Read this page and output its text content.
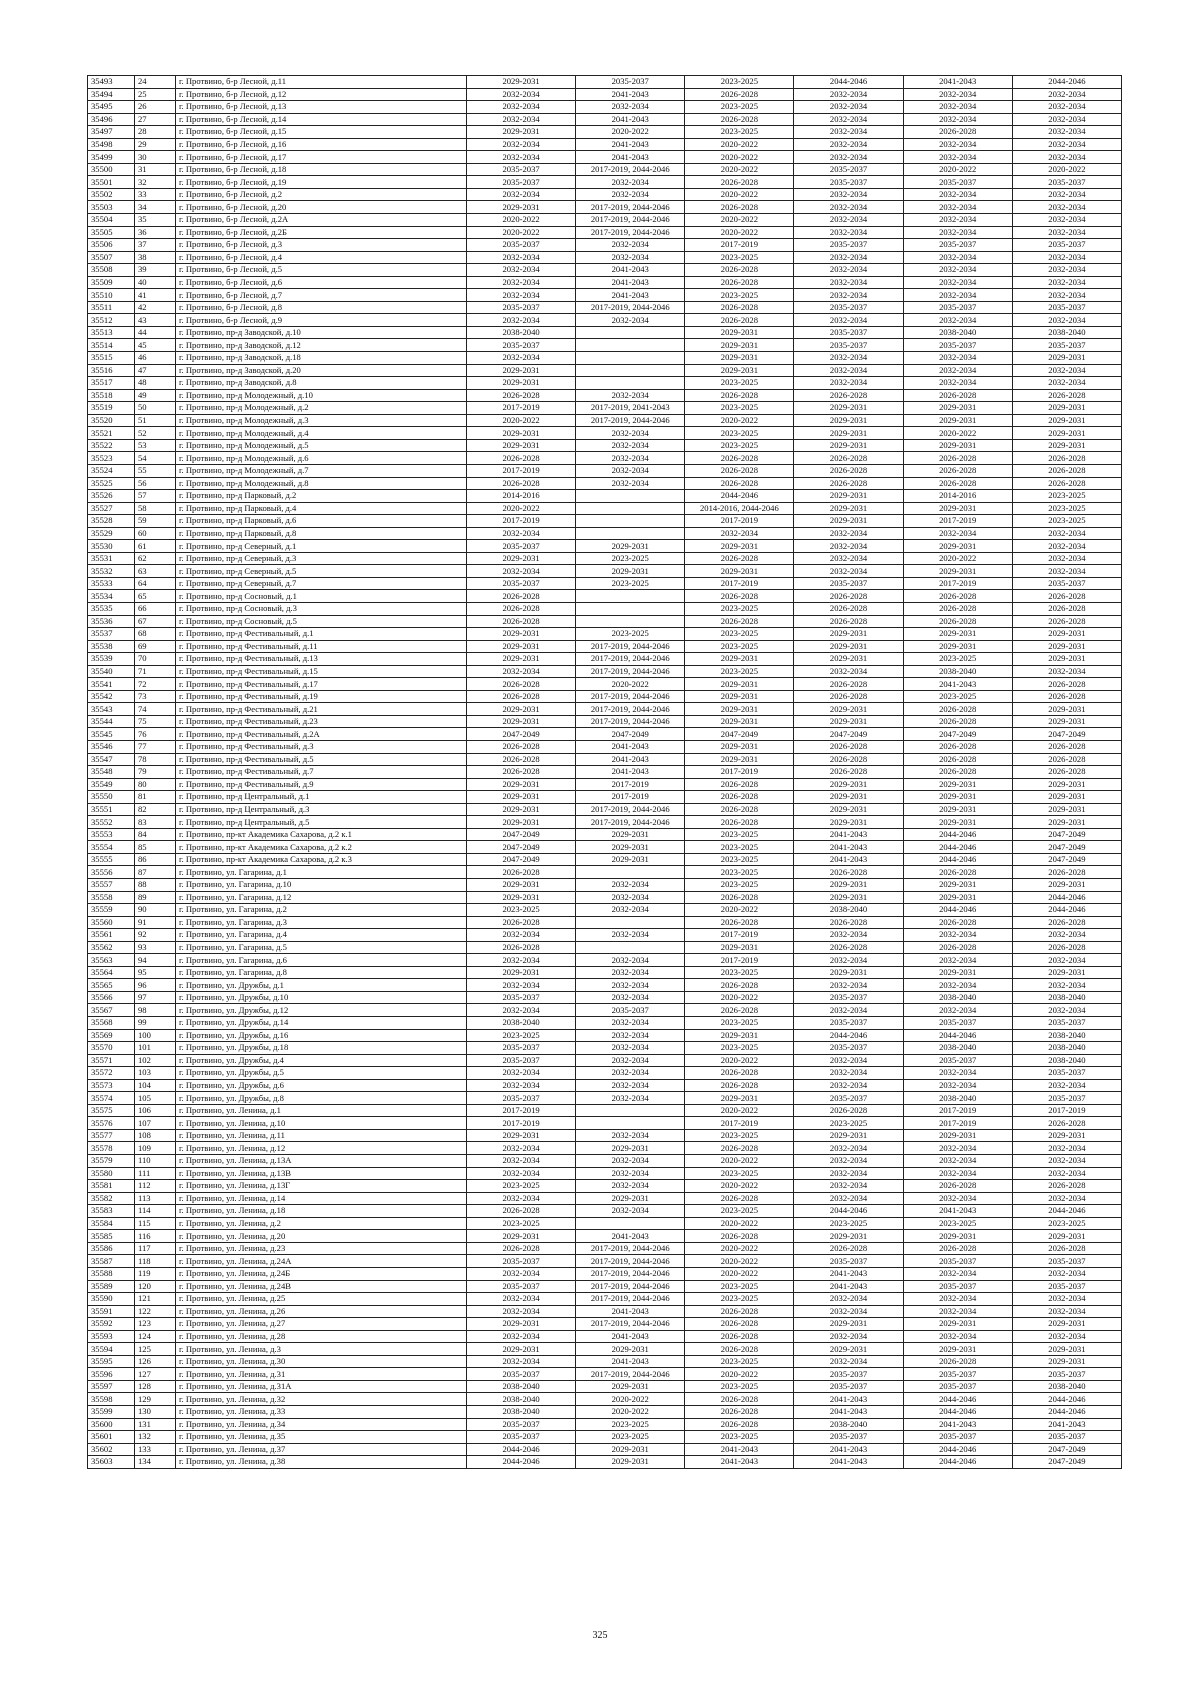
35493	24	г. Протвино, б-р Лесной, д.11	2029-2031	2035-2037	2023-2025	2044-2046	2041-2043	2044-2046
35494	25	г. Протвино, б-р Лесной, д.12	2032-2034	2041-2043	2026-2028	2032-2034	2032-2034	2032-2034
35495	26	г. Протвино, б-р Лесной, д.13	2032-2034	2032-2034	2023-2025	2032-2034	2032-2034	2032-2034
35496	27	г. Протвино, б-р Лесной, д.14	2032-2034	2041-2043	2026-2028	2032-2034	2032-2034	2032-2034
35497	28	г. Протвино, б-р Лесной, д.15	2029-2031	2020-2022	2023-2025	2032-2034	2026-2028	2032-2034
35498	29	г. Протвино, б-р Лесной, д.16	2032-2034	2041-2043	2020-2022	2032-2034	2032-2034	2032-2034
35499	30	г. Протвино, б-р Лесной, д.17	2032-2034	2041-2043	2020-2022	2032-2034	2032-2034	2032-2034
35500	31	г. Протвино, б-р Лесной, д.18	2035-2037	2017-2019, 2044-2046	2020-2022	2035-2037	2020-2022	2020-2022
35501	32	г. Протвино, б-р Лесной, д.19	2035-2037	2032-2034	2026-2028	2035-2037	2035-2037	2035-2037
35502	33	г. Протвино, б-р Лесной, д.2	2032-2034	2032-2034	2020-2022	2032-2034	2032-2034	2032-2034
35503	34	г. Протвино, б-р Лесной, д.20	2029-2031	2017-2019, 2044-2046	2026-2028	2032-2034	2032-2034	2032-2034
35504	35	г. Протвино, б-р Лесной, д.2А	2020-2022	2017-2019, 2044-2046	2020-2022	2032-2034	2032-2034	2032-2034
35505	36	г. Протвино, б-р Лесной, д.2Б	2020-2022	2017-2019, 2044-2046	2020-2022	2032-2034	2032-2034	2032-2034
35506	37	г. Протвино, б-р Лесной, д.3	2035-2037	2032-2034	2017-2019	2035-2037	2035-2037	2035-2037
35507	38	г. Протвино, б-р Лесной, д.4	2032-2034	2032-2034	2023-2025	2032-2034	2032-2034	2032-2034
35508	39	г. Протвино, б-р Лесной, д.5	2032-2034	2041-2043	2026-2028	2032-2034	2032-2034	2032-2034
35509	40	г. Протвино, б-р Лесной, д.6	2032-2034	2041-2043	2026-2028	2032-2034	2032-2034	2032-2034
35510	41	г. Протвино, б-р Лесной, д.7	2032-2034	2041-2043	2023-2025	2032-2034	2032-2034	2032-2034
35511	42	г. Протвино, б-р Лесной, д.8	2035-2037	2017-2019, 2044-2046	2026-2028	2035-2037	2035-2037	2035-2037
35512	43	г. Протвино, б-р Лесной, д.9	2032-2034	2032-2034	2026-2028	2032-2034	2032-2034	2032-2034
35513	44	г. Протвино, пр-д Заводской, д.10	2038-2040		2029-2031	2035-2037	2038-2040	2038-2040
35514	45	г. Протвино, пр-д Заводской, д.12	2035-2037		2029-2031	2035-2037	2035-2037	2035-2037
35515	46	г. Протвино, пр-д Заводской, д.18	2032-2034		2029-2031	2032-2034	2032-2034	2029-2031
35516	47	г. Протвино, пр-д Заводской, д.20	2029-2031		2029-2031	2032-2034	2032-2034	2032-2034
35517	48	г. Протвино, пр-д Заводской, д.8	2029-2031		2023-2025	2032-2034	2032-2034	2032-2034
35518	49	г. Протвино, пр-д Молодежный, д.10	2026-2028	2032-2034	2026-2028	2026-2028	2026-2028	2026-2028
35519	50	г. Протвино, пр-д Молодежный, д.2	2017-2019	2017-2019, 2041-2043	2023-2025	2029-2031	2029-2031	2029-2031
35520	51	г. Протвино, пр-д Молодежный, д.3	2020-2022	2017-2019, 2044-2046	2020-2022	2029-2031	2029-2031	2029-2031
35521	52	г. Протвино, пр-д Молодежный, д.4	2029-2031	2032-2034	2023-2025	2029-2031	2020-2022	2029-2031
35522	53	г. Протвино, пр-д Молодежный, д.5	2029-2031	2032-2034	2023-2025	2029-2031	2029-2031	2029-2031
35523	54	г. Протвино, пр-д Молодежный, д.6	2026-2028	2032-2034	2026-2028	2026-2028	2026-2028	2026-2028
35524	55	г. Протвино, пр-д Молодежный, д.7	2017-2019	2032-2034	2026-2028	2026-2028	2026-2028	2026-2028
35525	56	г. Протвино, пр-д Молодежный, д.8	2026-2028	2032-2034	2026-2028	2026-2028	2026-2028	2026-2028
35526	57	г. Протвино, пр-д Парковый, д.2	2014-2016		2044-2046	2029-2031	2014-2016	2023-2025
35527	58	г. Протвино, пр-д Парковый, д.4	2020-2022		2014-2016, 2044-2046	2029-2031	2029-2031	2023-2025
35528	59	г. Протвино, пр-д Парковый, д.6	2017-2019		2017-2019	2029-2031	2017-2019	2023-2025
35529	60	г. Протвино, пр-д Парковый, д.8	2032-2034		2032-2034	2032-2034	2032-2034	2032-2034
35530	61	г. Протвино, пр-д Северный, д.1	2035-2037	2029-2031	2029-2031	2032-2034	2029-2031	2032-2034
35531	62	г. Протвино, пр-д Северный, д.3	2029-2031	2023-2025	2026-2028	2032-2034	2020-2022	2032-2034
35532	63	г. Протвино, пр-д Северный, д.5	2032-2034	2029-2031	2029-2031	2032-2034	2029-2031	2032-2034
35533	64	г. Протвино, пр-д Северный, д.7	2035-2037	2023-2025	2017-2019	2035-2037	2017-2019	2035-2037
35534	65	г. Протвино, пр-д Сосновый, д.1	2026-2028		2026-2028	2026-2028	2026-2028	2026-2028
35535	66	г. Протвино, пр-д Сосновый, д.3	2026-2028		2023-2025	2026-2028	2026-2028	2026-2028
35536	67	г. Протвино, пр-д Сосновый, д.5	2026-2028		2026-2028	2026-2028	2026-2028	2026-2028
35537	68	г. Протвино, пр-д Фестивальный, д.1	2029-2031	2023-2025	2023-2025	2029-2031	2029-2031	2029-2031
35538	69	г. Протвино, пр-д Фестивальный, д.11	2029-2031	2017-2019, 2044-2046	2023-2025	2029-2031	2029-2031	2029-2031
35539	70	г. Протвино, пр-д Фестивальный, д.13	2029-2031	2017-2019, 2044-2046	2029-2031	2029-2031	2023-2025	2029-2031
35540	71	г. Протвино, пр-д Фестивальный, д.15	2032-2034	2017-2019, 2044-2046	2023-2025	2032-2034	2038-2040	2032-2034
35541	72	г. Протвино, пр-д Фестивальный, д.17	2026-2028	2020-2022	2029-2031	2026-2028	2041-2043	2026-2028
35542	73	г. Протвино, пр-д Фестивальный, д.19	2026-2028	2017-2019, 2044-2046	2029-2031	2026-2028	2023-2025	2026-2028
35543	74	г. Протвино, пр-д Фестивальный, д.21	2029-2031	2017-2019, 2044-2046	2029-2031	2029-2031	2026-2028	2029-2031
35544	75	г. Протвино, пр-д Фестивальный, д.23	2029-2031	2017-2019, 2044-2046	2029-2031	2029-2031	2026-2028	2029-2031
35545	76	г. Протвино, пр-д Фестивальный, д.2А	2047-2049	2047-2049	2047-2049	2047-2049	2047-2049	2047-2049
35546	77	г. Протвино, пр-д Фестивальный, д.3	2026-2028	2041-2043	2029-2031	2026-2028	2026-2028	2026-2028
35547	78	г. Протвино, пр-д Фестивальный, д.5	2026-2028	2041-2043	2029-2031	2026-2028	2026-2028	2026-2028
35548	79	г. Протвино, пр-д Фестивальный, д.7	2026-2028	2041-2043	2017-2019	2026-2028	2026-2028	2026-2028
35549	80	г. Протвино, пр-д Фестивальный, д.9	2029-2031	2017-2019	2026-2028	2029-2031	2029-2031	2029-2031
35550	81	г. Протвино, пр-д Центральный, д.1	2029-2031	2017-2019	2026-2028	2029-2031	2029-2031	2029-2031
35551	82	г. Протвино, пр-д Центральный, д.3	2029-2031	2017-2019, 2044-2046	2026-2028	2029-2031	2029-2031	2029-2031
35552	83	г. Протвино, пр-д Центральный, д.5	2029-2031	2017-2019, 2044-2046	2026-2028	2029-2031	2029-2031	2029-2031
35553	84	г. Протвино, пр-кт Академика Сахарова, д.2 к.1	2047-2049	2029-2031	2023-2025	2041-2043	2044-2046	2047-2049
35554	85	г. Протвино, пр-кт Академика Сахарова, д.2 к.2	2047-2049	2029-2031	2023-2025	2041-2043	2044-2046	2047-2049
35555	86	г. Протвино, пр-кт Академика Сахарова, д.2 к.3	2047-2049	2029-2031	2023-2025	2041-2043	2044-2046	2047-2049
35556	87	г. Протвино, ул. Гагарина, д.1	2026-2028		2023-2025	2026-2028	2026-2028	2026-2028
35557	88	г. Протвино, ул. Гагарина, д.10	2029-2031	2032-2034	2023-2025	2029-2031	2029-2031	2029-2031
35558	89	г. Протвино, ул. Гагарина, д.12	2029-2031	2032-2034	2026-2028	2029-2031	2029-2031	2044-2046
35559	90	г. Протвино, ул. Гагарина, д.2	2023-2025	2032-2034	2020-2022	2038-2040	2044-2046	2044-2046
35560	91	г. Протвино, ул. Гагарина, д.3	2026-2028		2026-2028	2026-2028	2026-2028	2026-2028
35561	92	г. Протвино, ул. Гагарина, д.4	2032-2034	2032-2034	2017-2019	2032-2034	2032-2034	2032-2034
35562	93	г. Протвино, ул. Гагарина, д.5	2026-2028		2029-2031	2026-2028	2026-2028	2026-2028
35563	94	г. Протвино, ул. Гагарина, д.6	2032-2034	2032-2034	2017-2019	2032-2034	2032-2034	2032-2034
35564	95	г. Протвино, ул. Гагарина, д.8	2029-2031	2032-2034	2023-2025	2029-2031	2029-2031	2029-2031
35565	96	г. Протвино, ул. Дружбы, д.1	2032-2034	2032-2034	2026-2028	2032-2034	2032-2034	2032-2034
35566	97	г. Протвино, ул. Дружбы, д.10	2035-2037	2032-2034	2020-2022	2035-2037	2038-2040	2038-2040
35567	98	г. Протвино, ул. Дружбы, д.12	2032-2034	2035-2037	2026-2028	2032-2034	2032-2034	2032-2034
35568	99	г. Протвино, ул. Дружбы, д.14	2038-2040	2032-2034	2023-2025	2035-2037	2035-2037	2035-2037
35569	100	г. Протвино, ул. Дружбы, д.16	2023-2025	2032-2034	2029-2031	2044-2046	2044-2046	2038-2040
35570	101	г. Протвино, ул. Дружбы, д.18	2035-2037	2032-2034	2023-2025	2035-2037	2038-2040	2038-2040
35571	102	г. Протвино, ул. Дружбы, д.4	2035-2037	2032-2034	2020-2022	2032-2034	2035-2037	2038-2040
35572	103	г. Протвино, ул. Дружбы, д.5	2032-2034	2032-2034	2026-2028	2032-2034	2032-2034	2035-2037
35573	104	г. Протвино, ул. Дружбы, д.6	2032-2034	2032-2034	2026-2028	2032-2034	2032-2034	2032-2034
35574	105	г. Протвино, ул. Дружбы, д.8	2035-2037	2032-2034	2029-2031	2035-2037	2038-2040	2035-2037
35575	106	г. Протвино, ул. Ленина, д.1	2017-2019		2020-2022	2026-2028	2017-2019	2017-2019
35576	107	г. Протвино, ул. Ленина, д.10	2017-2019		2017-2019	2023-2025	2017-2019	2026-2028
35577	108	г. Протвино, ул. Ленина, д.11	2029-2031	2032-2034	2023-2025	2029-2031	2029-2031	2029-2031
35578	109	г. Протвино, ул. Ленина, д.12	2032-2034	2029-2031	2026-2028	2032-2034	2032-2034	2032-2034
35579	110	г. Протвино, ул. Ленина, д.13А	2032-2034	2032-2034	2020-2022	2032-2034	2032-2034	2032-2034
35580	111	г. Протвино, ул. Ленина, д.13В	2032-2034	2032-2034	2023-2025	2032-2034	2032-2034	2032-2034
35581	112	г. Протвино, ул. Ленина, д.13Г	2023-2025	2032-2034	2020-2022	2032-2034	2026-2028	2026-2028
35582	113	г. Протвино, ул. Ленина, д.14	2032-2034	2029-2031	2026-2028	2032-2034	2032-2034	2032-2034
35583	114	г. Протвино, ул. Ленина, д.18	2026-2028	2032-2034	2023-2025	2044-2046	2041-2043	2044-2046
35584	115	г. Протвино, ул. Ленина, д.2	2023-2025		2020-2022	2023-2025	2023-2025	2023-2025
35585	116	г. Протвино, ул. Ленина, д.20	2029-2031	2041-2043	2026-2028	2029-2031	2029-2031	2029-2031
35586	117	г. Протвино, ул. Ленина, д.23	2026-2028	2017-2019, 2044-2046	2020-2022	2026-2028	2026-2028	2026-2028
35587	118	г. Протвино, ул. Ленина, д.24А	2035-2037	2017-2019, 2044-2046	2020-2022	2035-2037	2035-2037	2035-2037
35588	119	г. Протвино, ул. Ленина, д.24Б	2032-2034	2017-2019, 2044-2046	2020-2022	2041-2043	2032-2034	2032-2034
35589	120	г. Протвино, ул. Ленина, д.24В	2035-2037	2017-2019, 2044-2046	2023-2025	2041-2043	2035-2037	2035-2037
35590	121	г. Протвино, ул. Ленина, д.25	2032-2034	2017-2019, 2044-2046	2023-2025	2032-2034	2032-2034	2032-2034
35591	122	г. Протвино, ул. Ленина, д.26	2032-2034	2041-2043	2026-2028	2032-2034	2032-2034	2032-2034
35592	123	г. Протвино, ул. Ленина, д.27	2029-2031	2017-2019, 2044-2046	2026-2028	2029-2031	2029-2031	2029-2031
35593	124	г. Протвино, ул. Ленина, д.28	2032-2034	2041-2043	2026-2028	2032-2034	2032-2034	2032-2034
35594	125	г. Протвино, ул. Ленина, д.3	2029-2031	2029-2031	2026-2028	2029-2031	2029-2031	2029-2031
35595	126	г. Протвино, ул. Ленина, д.30	2032-2034	2041-2043	2023-2025	2032-2034	2026-2028	2029-2031
35596	127	г. Протвино, ул. Ленина, д.31	2035-2037	2017-2019, 2044-2046	2020-2022	2035-2037	2035-2037	2035-2037
35597	128	г. Протвино, ул. Ленина, д.31А	2038-2040	2029-2031	2023-2025	2035-2037	2035-2037	2038-2040
35598	129	г. Протвино, ул. Ленина, д.32	2038-2040	2020-2022	2026-2028	2041-2043	2044-2046	2044-2046
35599	130	г. Протвино, ул. Ленина, д.33	2038-2040	2020-2022	2026-2028	2041-2043	2044-2046	2044-2046
35600	131	г. Протвино, ул. Ленина, д.34	2035-2037	2023-2025	2026-2028	2038-2040	2041-2043	2041-2043
35601	132	г. Протвино, ул. Ленина, д.35	2035-2037	2023-2025	2023-2025	2035-2037	2035-2037	2035-2037
35602	133	г. Протвино, ул. Ленина, д.37	2044-2046	2029-2031	2041-2043	2041-2043	2044-2046	2047-2049
35603	134	г. Протвино, ул. Ленина, д.38	2044-2046	2029-2031	2041-2043	2041-2043	2044-2046	2047-2049
325
